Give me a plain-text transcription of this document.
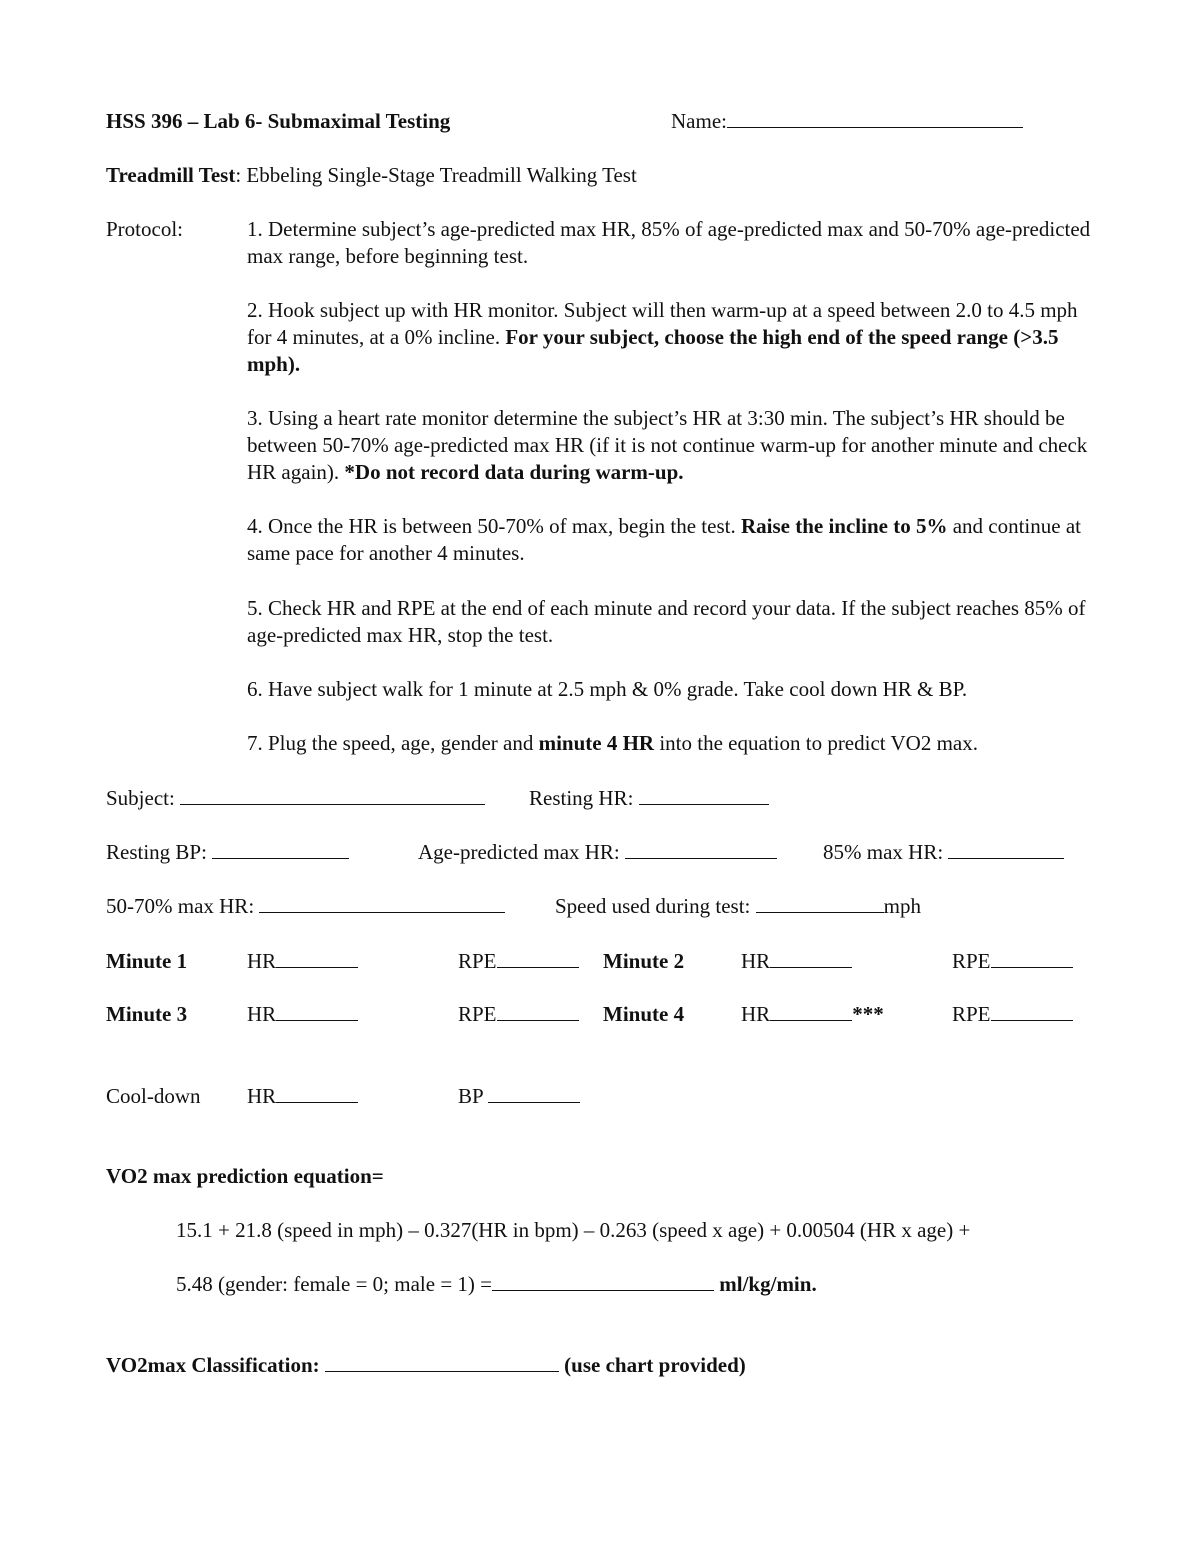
HSS 396 – Lab 6- Submaximal Testing	Name:
Treadmill Test: Ebbeling Single-Stage Treadmill Walking Test
Protocol:	1. Determine subject’s age-predicted max HR, 85% of age-predicted max and 50-70% age-predicted max range, before beginning test.
2. Hook subject up with HR monitor. Subject will then warm-up at a speed between 2.0 to 4.5 mph for 4 minutes, at a 0% incline. For your subject, choose the high end of the speed range (>3.5 mph).
3. Using a heart rate monitor determine the subject’s HR at 3:30 min. The subject’s HR should be between 50-70% age-predicted max HR (if it is not continue warm-up for another minute and check HR again). *Do not record data during warm-up.
4. Once the HR is between 50-70% of max, begin the test. Raise the incline to 5% and continue at same pace for another 4 minutes.
5. Check HR and RPE at the end of each minute and record your data. If the subject reaches 85% of age-predicted max HR, stop the test.
6. Have subject walk for 1 minute at 2.5 mph & 0% grade. Take cool down HR & BP.
7. Plug the speed, age, gender and minute 4 HR into the equation to predict VO2 max.
Subject:	Resting HR:
Resting BP:	Age-predicted max HR:	85% max HR:
50-70% max HR:	Speed used during test:	mph
Minute 1	HR	RPE	Minute 2	HR	RPE
Minute 3	HR	RPE	Minute 4	HR	***	RPE
Cool-down HR	BP
VO2 max prediction equation=
15.1 + 21.8 (speed in mph) – 0.327(HR in bpm) – 0.263 (speed x age) + 0.00504 (HR x age) +
5.48 (gender: female = 0; male = 1) =	ml/kg/min.
VO2max Classification:	(use chart provided)
